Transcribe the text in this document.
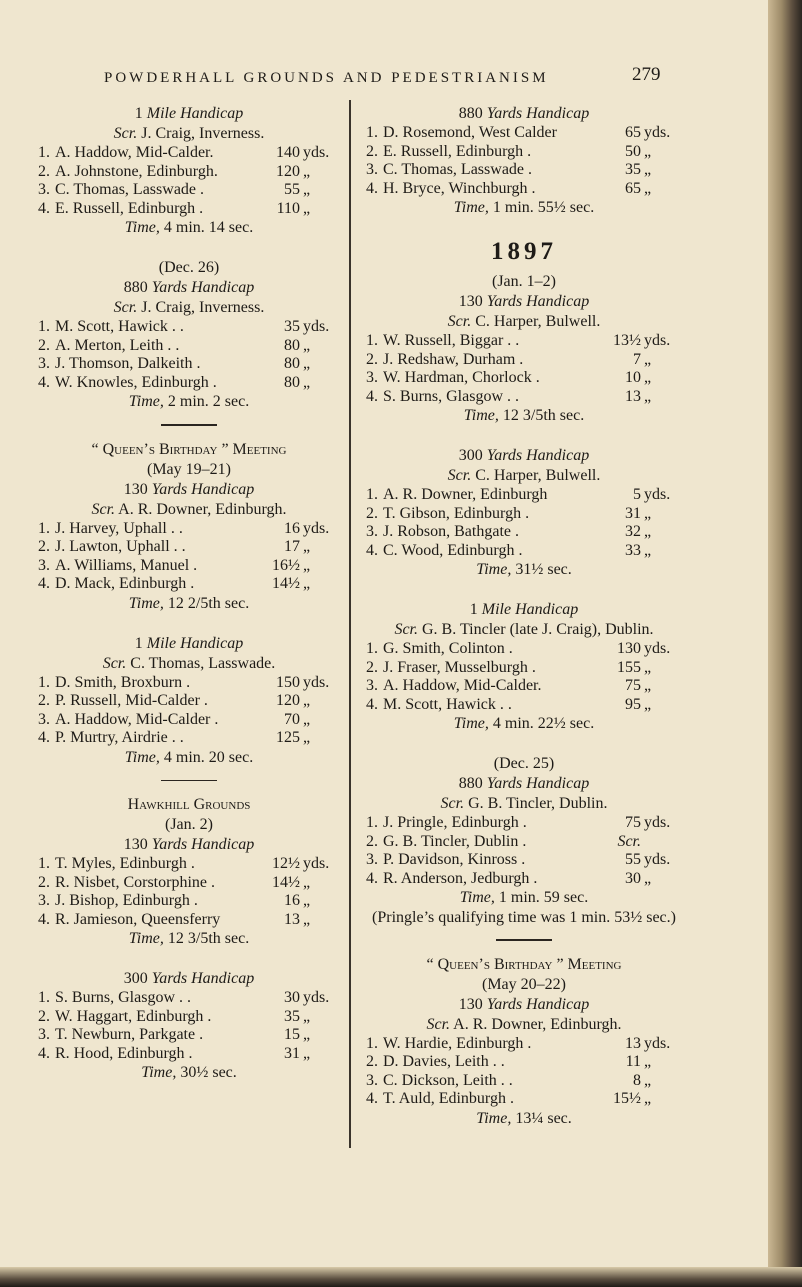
POWDERHALL GROUNDS AND PEDESTRIANISM	279
1 Mile Handicap
Scr. J. Craig, Inverness.
1. A. Haddow, Mid-Calder.	140 yds.
2. A. Johnstone, Edinburgh.	120 „
3. C. Thomas, Lasswade .	55 „
4. E. Russell, Edinburgh .	110 „
Time, 4 min. 14 sec.
(Dec. 26)
880 Yards Handicap
Scr. J. Craig, Inverness.
1. M. Scott, Hawick . .	35 yds.
2. A. Merton, Leith . .	80 „
3. J. Thomson, Dalkeith .	80 „
4. W. Knowles, Edinburgh .	80 „
Time, 2 min. 2 sec.
“ Queen’s Birthday ” Meeting
(May 19–21)
130 Yards Handicap
Scr. A. R. Downer, Edinburgh.
1. J. Harvey, Uphall . .	16 yds.
2. J. Lawton, Uphall . .	17 „
3. A. Williams, Manuel .	16½ „
4. D. Mack, Edinburgh .	14½ „
Time, 12 2/5th sec.
1 Mile Handicap
Scr. C. Thomas, Lasswade.
1. D. Smith, Broxburn .	150 yds.
2. P. Russell, Mid-Calder .	120 „
3. A. Haddow, Mid-Calder .	70 „
4. P. Murtry, Airdrie . .	125 „
Time, 4 min. 20 sec.
Hawkhill Grounds
(Jan. 2)
130 Yards Handicap
1. T. Myles, Edinburgh .	12½ yds.
2. R. Nisbet, Corstorphine .	14½ „
3. J. Bishop, Edinburgh .	16 „
4. R. Jamieson, Queensferry	13 „
Time, 12 3/5th sec.
300 Yards Handicap
1. S. Burns, Glasgow . .	30 yds.
2. W. Haggart, Edinburgh .	35 „
3. T. Newburn, Parkgate .	15 „
4. R. Hood, Edinburgh .	31 „
Time, 30½ sec.
880 Yards Handicap
1. D. Rosemond, West Calder	65 yds.
2. E. Russell, Edinburgh .	50 „
3. C. Thomas, Lasswade .	35 „
4. H. Bryce, Winchburgh .	65 „
Time, 1 min. 55½ sec.
1897
(Jan. 1–2)
130 Yards Handicap
Scr. C. Harper, Bulwell.
1. W. Russell, Biggar . .	13½ yds.
2. J. Redshaw, Durham .	7 „
3. W. Hardman, Chorlock .	10 „
4. S. Burns, Glasgow . .	13 „
Time, 12 3/5th sec.
300 Yards Handicap
Scr. C. Harper, Bulwell.
1. A. R. Downer, Edinburgh	5 yds.
2. T. Gibson, Edinburgh .	31 „
3. J. Robson, Bathgate .	32 „
4. C. Wood, Edinburgh .	33 „
Time, 31½ sec.
1 Mile Handicap
Scr. G. B. Tincler (late J. Craig), Dublin.
1. G. Smith, Colinton .	130 yds.
2. J. Fraser, Musselburgh .	155 „
3. A. Haddow, Mid-Calder.	75 „
4. M. Scott, Hawick . .	95 „
Time, 4 min. 22½ sec.
(Dec. 25)
880 Yards Handicap
Scr. G. B. Tincler, Dublin.
1. J. Pringle, Edinburgh .	75 yds.
2. G. B. Tincler, Dublin .	Scr.
3. P. Davidson, Kinross .	55 yds.
4. R. Anderson, Jedburgh .	30 „
Time, 1 min. 59 sec.
(Pringle’s qualifying time was 1 min. 53½ sec.)
“ Queen’s Birthday ” Meeting
(May 20–22)
130 Yards Handicap
Scr. A. R. Downer, Edinburgh.
1. W. Hardie, Edinburgh .	13 yds.
2. D. Davies, Leith . .	11 „
3. C. Dickson, Leith . .	8 „
4. T. Auld, Edinburgh .	15½ „
Time, 13¼ sec.
